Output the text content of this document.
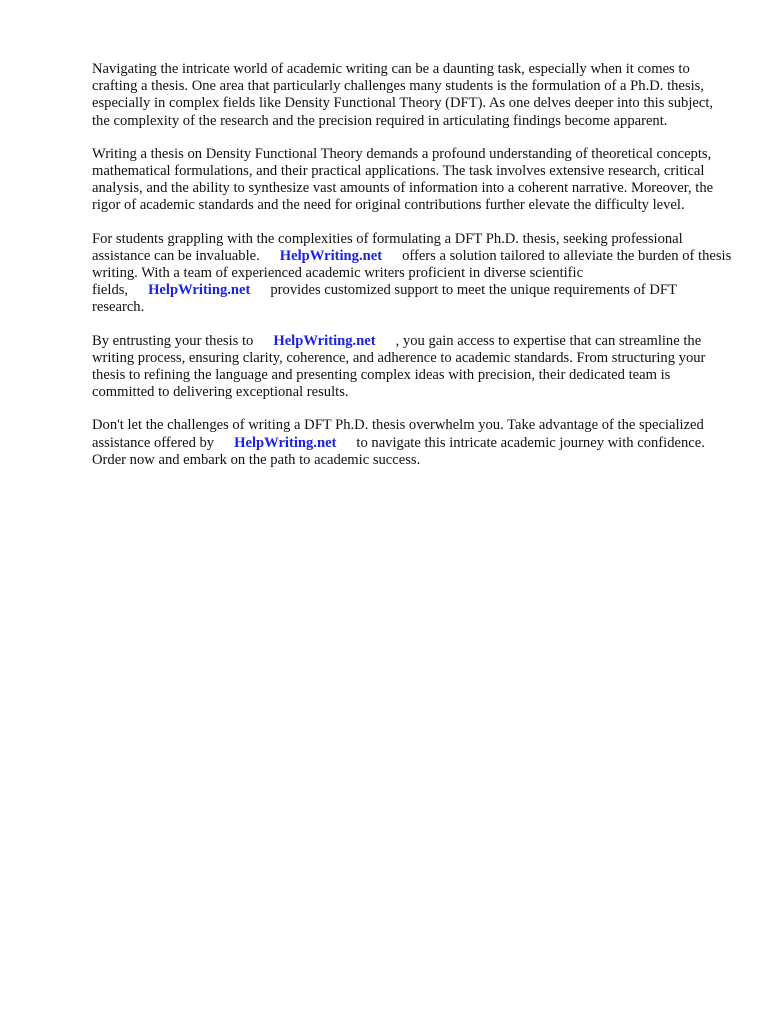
Navigating the intricate world of academic writing can be a daunting task, especially when it comes to crafting a thesis. One area that particularly challenges many students is the formulation of a Ph.D. thesis, especially in complex fields like Density Functional Theory (DFT). As one delves deeper into this subject, the complexity of the research and the precision required in articulating findings become apparent.

Writing a thesis on Density Functional Theory demands a profound understanding of theoretical concepts, mathematical formulations, and their practical applications. The task involves extensive research, critical analysis, and the ability to synthesize vast amounts of information into a coherent narrative. Moreover, the rigor of academic standards and the need for original contributions further elevate the difficulty level.

For students grappling with the complexities of formulating a DFT Ph.D. thesis, seeking professional assistance can be invaluable. HelpWriting.net offers a solution tailored to alleviate the burden of thesis writing. With a team of experienced academic writers proficient in diverse scientific fields, HelpWriting.net provides customized support to meet the unique requirements of DFT research.

By entrusting your thesis to HelpWriting.net , you gain access to expertise that can streamline the writing process, ensuring clarity, coherence, and adherence to academic standards. From structuring your thesis to refining the language and presenting complex ideas with precision, their dedicated team is committed to delivering exceptional results.

Don't let the challenges of writing a DFT Ph.D. thesis overwhelm you. Take advantage of the specialized assistance offered by HelpWriting.net to navigate this intricate academic journey with confidence. Order now and embark on the path to academic success.
